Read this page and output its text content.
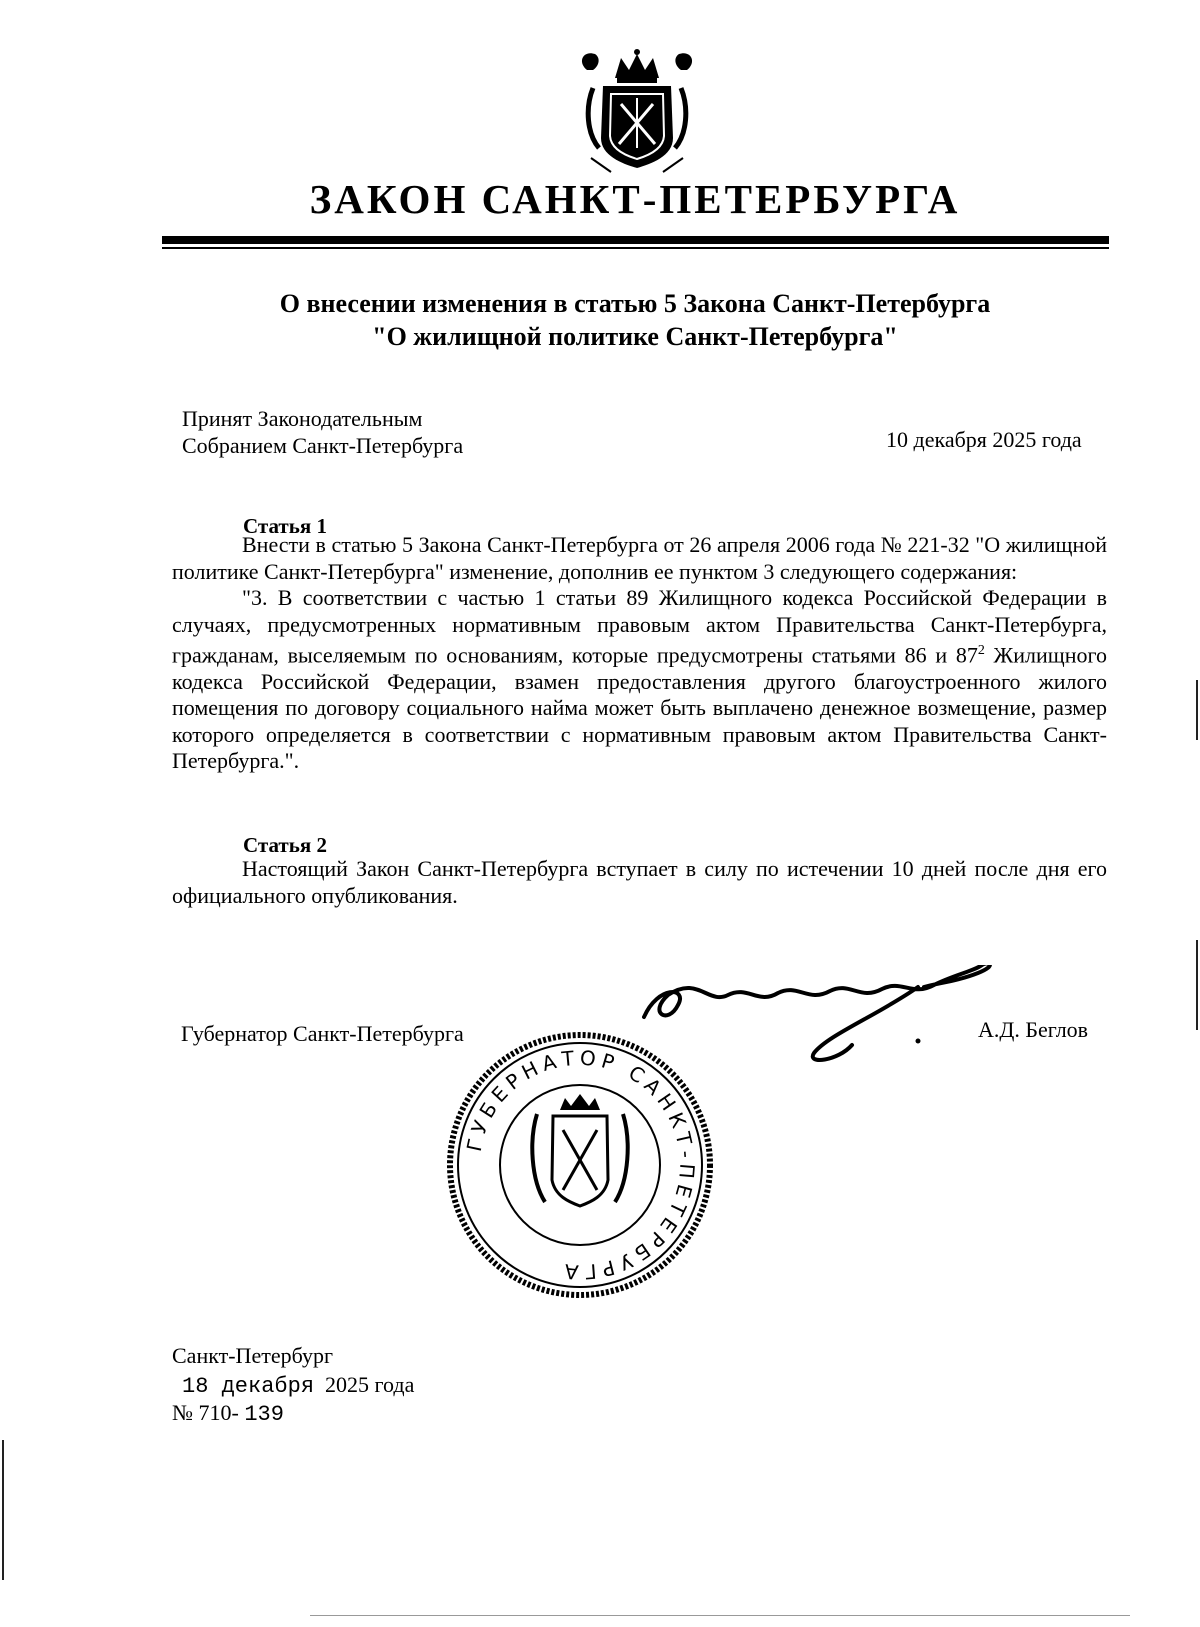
ЗАКОН САНКТ-ПЕТЕРБУРГА
О внесении изменения в статью 5 Закона Санкт-Петербурга
"О жилищной политике Санкт-Петербурга"
Принят Законодательным
Собранием Санкт-Петербурга	10 декабря 2025 года
Статья 1

Внести в статью 5 Закона Санкт-Петербурга от 26 апреля 2006 года № 221-32 "О жилищной политике Санкт-Петербурга" изменение, дополнив ее пунктом 3 следующего содержания:

"3. В соответствии с частью 1 статьи 89 Жилищного кодекса Российской Федерации в случаях, предусмотренных нормативным правовым актом Правительства Санкт-Петербурга, гражданам, выселяемым по основаниям, которые предусмотрены статьями 86 и $87^2$ Жилищного кодекса Российской Федерации, взамен предоставления другого благоустроенного жилого помещения по договору социального найма может быть выплачено денежное возмещение, размер которого определяется в соответствии с нормативным правовым актом Правительства Санкт-Петербурга.".

Статья 2

Настоящий Закон Санкт-Петербурга вступает в силу по истечении 10 дней после дня его официального опубликования.

Губернатор Санкт-Петербурга	А.Д. Беглов
ГУБЕРНАТОР САНКТ-ПЕТЕРБУРГА
Санкт-Петербург
18 декабря 2025 года
№ 710- 139
